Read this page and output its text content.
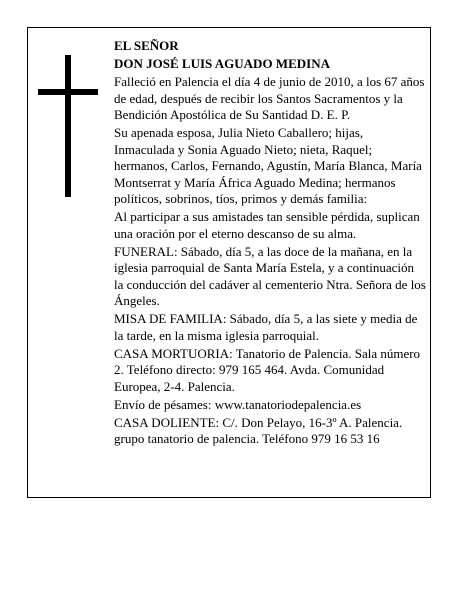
EL SEÑOR

DON JOSÉ LUIS AGUADO MEDINA

Falleció en Palencia el día 4 de junio de 2010, a los 67 años de edad, después de recibir los Santos Sacramentos y la Bendición Apostólica de Su Santidad D. E. P.

Su apenada esposa, Julia Nieto Caballero; hijas, Inmaculada y Sonia Aguado Nieto; nieta, Raquel; hermanos, Carlos, Fernando, Agustín, María Blanca, María Montserrat y María África Aguado Medina; hermanos políticos, sobrinos, tíos, primos y demás familia:

Al participar a sus amistades tan sensible pérdida, suplican una oración por el eterno descanso de su alma.

FUNERAL: Sábado, día 5, a las doce de la mañana, en la iglesia parroquial de Santa María Estela, y a continuación la conducción del cadáver al cementerio Ntra. Señora de los Ángeles.

MISA DE FAMILIA: Sábado, día 5, a las siete y media de la tarde, en la misma iglesia parroquial.

CASA MORTUORIA: Tanatorio de Palencia. Sala número 2. Teléfono directo: 979 165 464. Avda. Comunidad Europea, 2-4. Palencia.

Envío de pésames: www.tanatoriodepalencia.es

CASA DOLIENTE: C/. Don Pelayo, 16-3º A. Palencia. grupo tanatorio de palencia. Teléfono 979 16 53 16
